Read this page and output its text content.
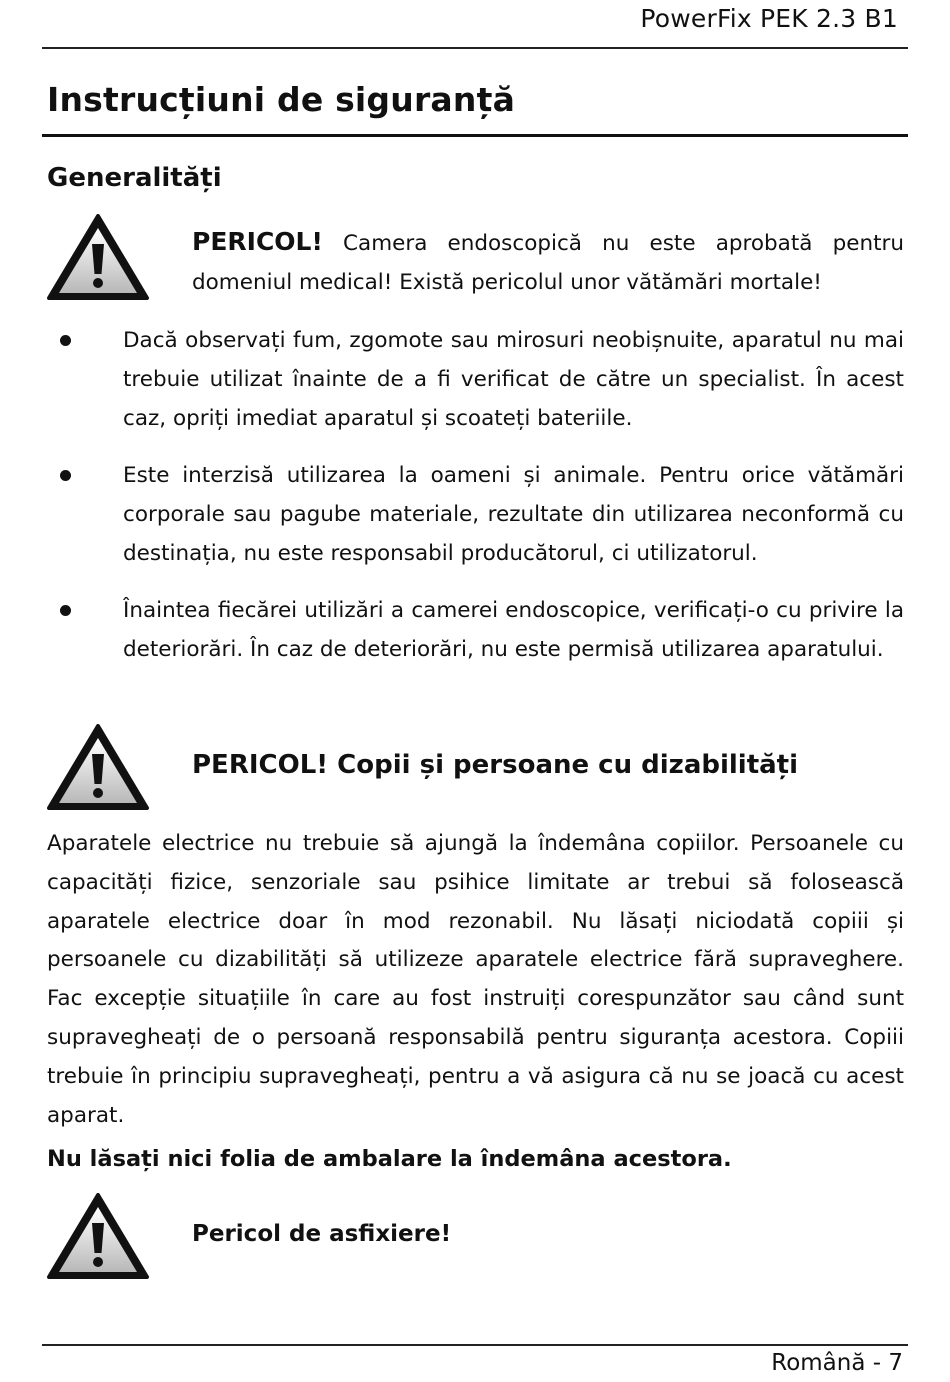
PowerFix PEK 2.3 B1
Instrucțiuni de siguranță
Generalități

PERICOL! Camera endoscopică nu este aprobată pentru domeniul medical! Există pericolul unor vătămări mortale!

Dacă observați fum, zgomote sau mirosuri neobișnuite, aparatul nu mai trebuie utilizat înainte de a fi verificat de către un specialist. În acest caz, opriți imediat aparatul și scoateți bateriile.
Este interzisă utilizarea la oameni și animale. Pentru orice vătămări corporale sau pagube materiale, rezultate din utilizarea neconformă cu destinația, nu este responsabil producătorul, ci utilizatorul.
Înaintea fiecărei utilizări a camerei endoscopice, verificați-o cu privire la deteriorări. În caz de deteriorări, nu este permisă utilizarea aparatului.
PERICOL! Copii și persoane cu dizabilități

Aparatele electrice nu trebuie să ajungă la îndemâna copiilor. Persoanele cu capacități fizice, senzoriale sau psihice limitate ar trebui să folosească aparatele electrice doar în mod rezonabil. Nu lăsați niciodată copiii și persoanele cu dizabilități să utilizeze aparatele electrice fără supraveghere. Fac excepție situațiile în care au fost instruiți corespunzător sau când sunt supravegheați de o persoană responsabilă pentru siguranța acestora. Copiii trebuie în principiu supravegheați, pentru a vă asigura că nu se joacă cu acest aparat.

Nu lăsați nici folia de ambalare la îndemâna acestora.

Pericol de asfixiere!

Română - 7
